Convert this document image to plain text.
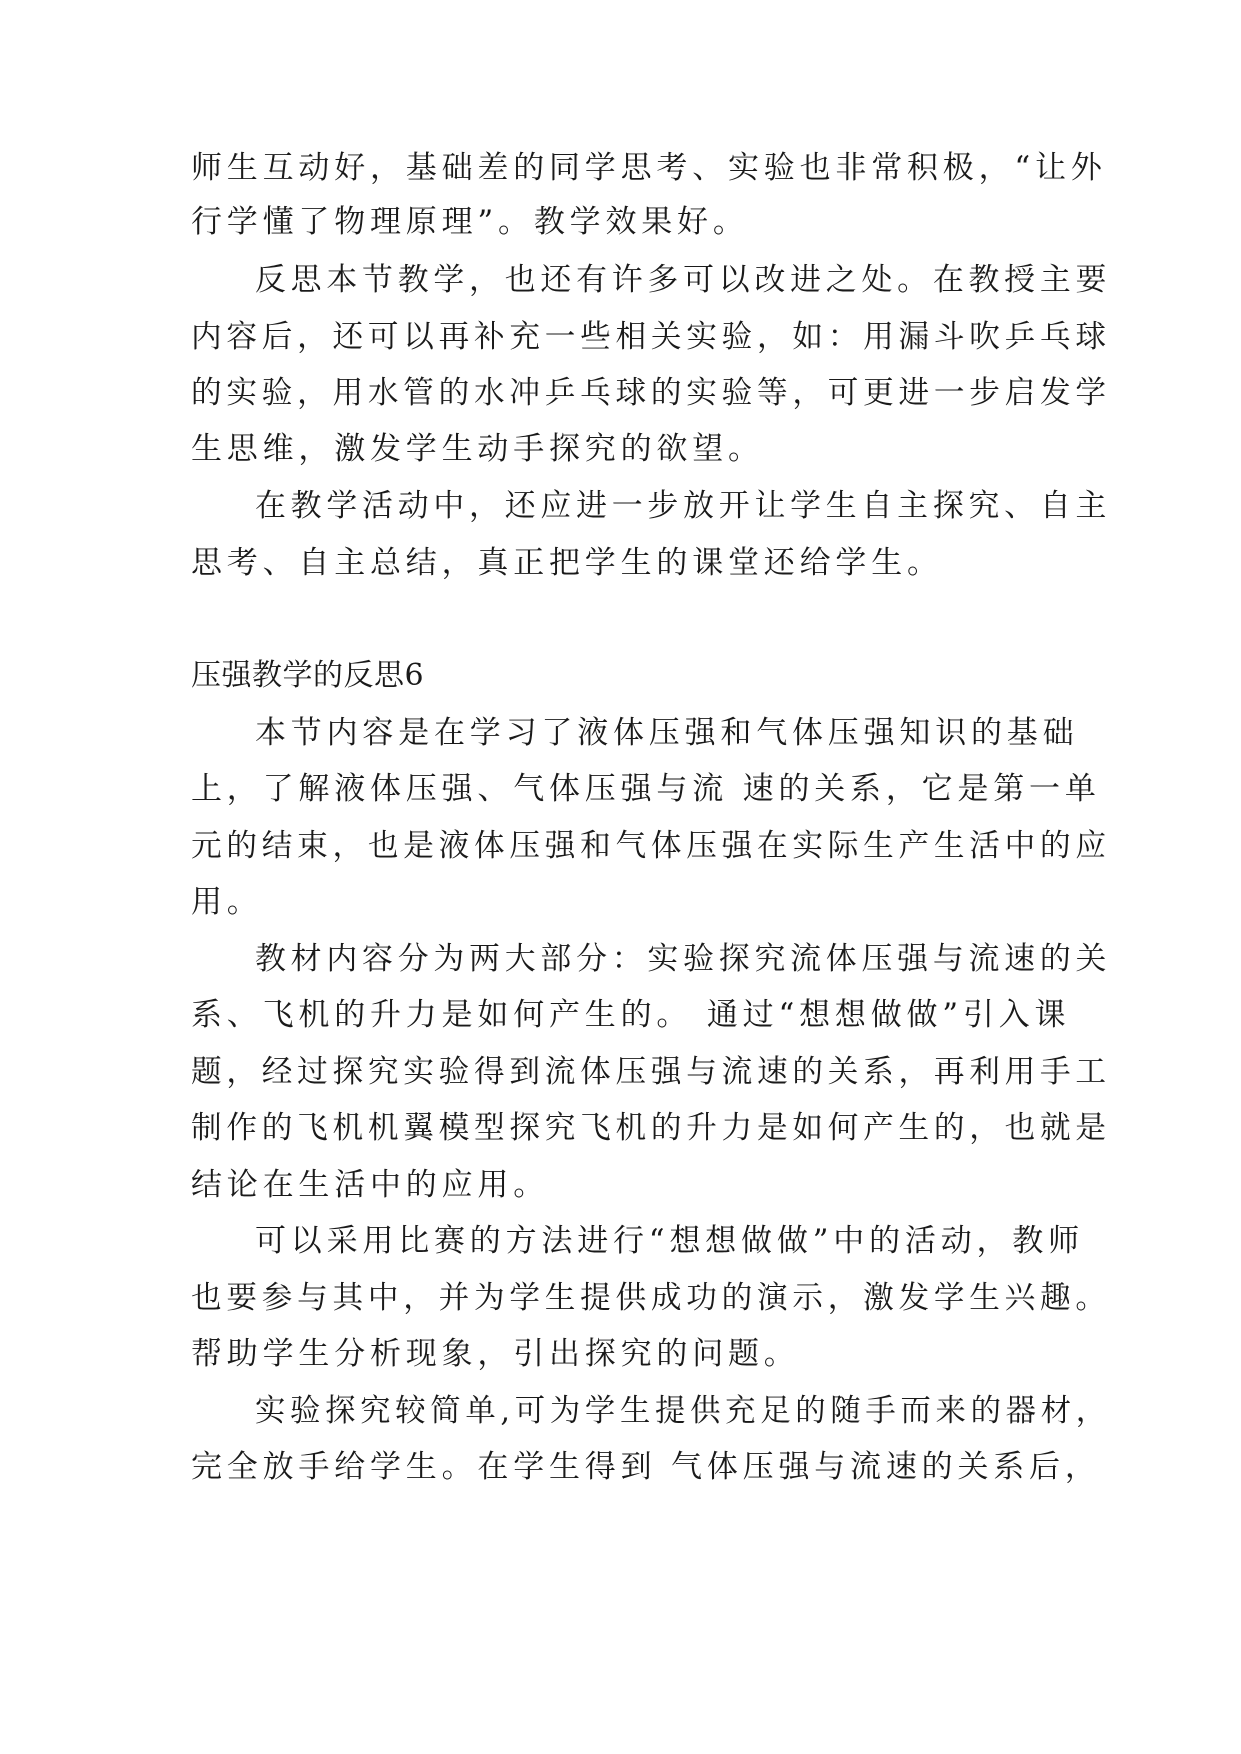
师生互动好，基础差的同学思考、实验也非常积极，“让外
行学懂了物理原理”。教学效果好。
反思本节教学，也还有许多可以改进之处。在教授主要
内容后，还可以再补充一些相关实验，如：用漏斗吹乒乓球
的实验，用水管的水冲乒乓球的实验等，可更进一步启发学
生思维，激发学生动手探究的欲望。
在教学活动中，还应进一步放开让学生自主探究、自主
思考、自主总结，真正把学生的课堂还给学生。
压强教学的反思6
本节内容是在学习了液体压强和气体压强知识的基础
上，了解液体压强、气体压强与流 速的关系，它是第一单
元的结束，也是液体压强和气体压强在实际生产生活中的应
用。
教材内容分为两大部分：实验探究流体压强与流速的关
系、飞机的升力是如何产生的。 通过“想想做做”引入课
题，经过探究实验得到流体压强与流速的关系，再利用手工
制作的飞机机翼模型探究飞机的升力是如何产生的，也就是
结论在生活中的应用。
可以采用比赛的方法进行“想想做做”中的活动，教师
也要参与其中，并为学生提供成功的演示，激发学生兴趣。
帮助学生分析现象，引出探究的问题。
实验探究较简单,可为学生提供充足的随手而来的器材，
完全放手给学生。在学生得到 气体压强与流速的关系后，
